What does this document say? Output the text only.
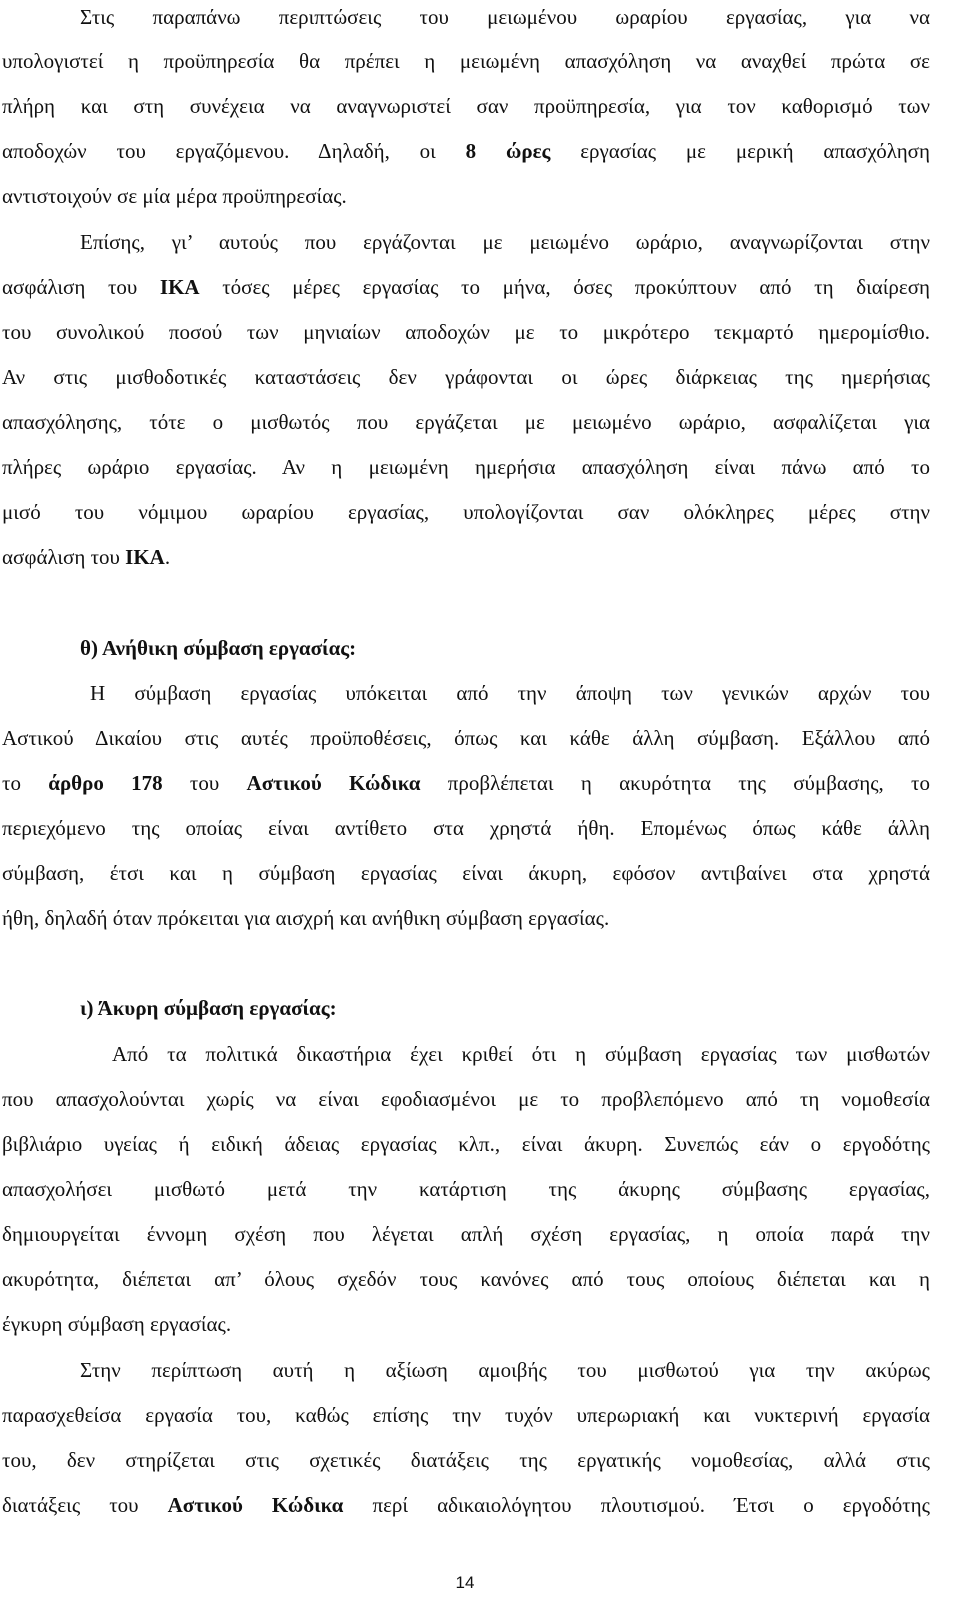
Στις παραπάνω περιπτώσεις του μειωμένου ωραρίου εργασίας, για να
υπολογιστεί η προϋπηρεσία θα πρέπει η μειωμένη απασχόληση να αναχθεί πρώτα σε
πλήρη και στη συνέχεια να αναγνωριστεί σαν προϋπηρεσία, για τον καθορισμό των
αποδοχών του εργαζόμενου. Δηλαδή, οι 8 ώρες εργασίας με μερική απασχόληση
αντιστοιχούν σε μία μέρα προϋπηρεσίας.
Επίσης, γι’ αυτούς που εργάζονται με μειωμένο ωράριο, αναγνωρίζονται στην
ασφάλιση του ΙΚΑ τόσες μέρες εργασίας το μήνα, όσες προκύπτουν από τη διαίρεση
του συνολικού ποσού των μηνιαίων αποδοχών με το μικρότερο τεκμαρτό ημερομίσθιο.
Αν στις μισθοδοτικές καταστάσεις δεν γράφονται οι ώρες διάρκειας της ημερήσιας
απασχόλησης, τότε ο μισθωτός που εργάζεται με μειωμένο ωράριο, ασφαλίζεται για
πλήρες ωράριο εργασίας. Αν η μειωμένη ημερήσια απασχόληση είναι πάνω από το
μισό του νόμιμου ωραρίου εργασίας, υπολογίζονται σαν ολόκληρες μέρες στην
ασφάλιση του ΙΚΑ.
θ) Ανήθικη σύμβαση εργασίας:
Η σύμβαση εργασίας υπόκειται από την άποψη των γενικών αρχών του
Αστικού Δικαίου στις αυτές προϋποθέσεις, όπως και κάθε άλλη σύμβαση. Εξάλλου από
το άρθρο 178 του Αστικού Κώδικα προβλέπεται η ακυρότητα της σύμβασης, το
περιεχόμενο της οποίας είναι αντίθετο στα χρηστά ήθη. Επομένως όπως κάθε άλλη
σύμβαση, έτσι και η σύμβαση εργασίας είναι άκυρη, εφόσον αντιβαίνει στα χρηστά
ήθη, δηλαδή όταν πρόκειται για αισχρή και ανήθικη σύμβαση εργασίας.
ι) Άκυρη σύμβαση εργασίας:
Από τα πολιτικά δικαστήρια έχει κριθεί ότι η σύμβαση εργασίας των μισθωτών
που απασχολούνται χωρίς να είναι εφοδιασμένοι με το προβλεπόμενο από τη νομοθεσία
βιβλιάριο υγείας ή ειδική άδειας εργασίας κλπ., είναι άκυρη. Συνεπώς εάν ο εργοδότης
απασχολήσει μισθωτό μετά την κατάρτιση της άκυρης σύμβασης εργασίας,
δημιουργείται έννομη σχέση που λέγεται απλή σχέση εργασίας, η οποία παρά την
ακυρότητα, διέπεται απ’ όλους σχεδόν τους κανόνες από τους οποίους διέπεται και η
έγκυρη σύμβαση εργασίας.
Στην περίπτωση αυτή η αξίωση αμοιβής του μισθωτού για την ακύρως
παρασχεθείσα εργασία του, καθώς επίσης την τυχόν υπερωριακή και νυκτερινή εργασία
του, δεν στηρίζεται στις σχετικές διατάξεις της εργατικής νομοθεσίας, αλλά στις
διατάξεις του Αστικού Κώδικα περί αδικαιολόγητου πλουτισμού. Έτσι ο εργοδότης
14
